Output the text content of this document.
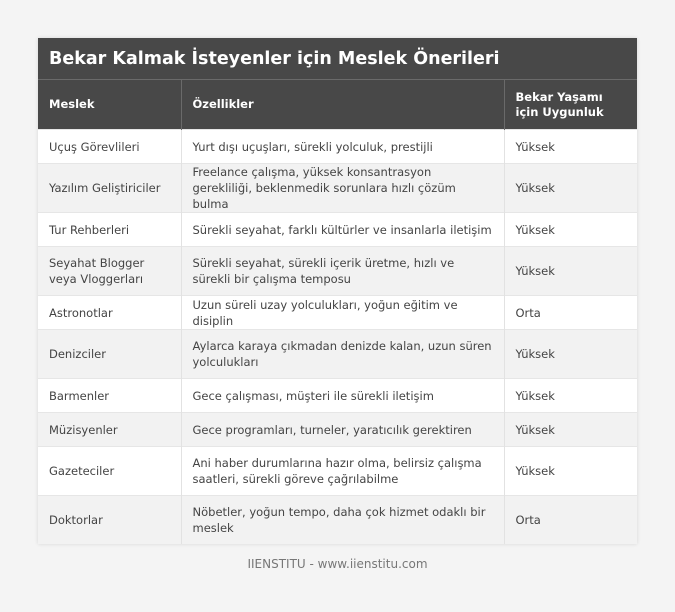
Bekar Kalmak İsteyenler için Meslek Önerileri
Meslek	Özellikler	Bekar Yaşamı için Uygunluk
Uçuş Görevlileri	Yurt dışı uçuşları, sürekli yolculuk, prestijli	Yüksek
Yazılım Geliştiriciler	Freelance çalışma, yüksek konsantrasyon gerekliliği, beklenmedik sorunlara hızlı çözüm bulma	Yüksek
Tur Rehberleri	Sürekli seyahat, farklı kültürler ve insanlarla iletişim	Yüksek
Seyahat Blogger veya Vloggerları	Sürekli seyahat, sürekli içerik üretme, hızlı ve sürekli bir çalışma temposu	Yüksek
Astronotlar	Uzun süreli uzay yolculukları, yoğun eğitim ve disiplin	Orta
Denizciler	Aylarca karaya çıkmadan denizde kalan, uzun süren yolculukları	Yüksek
Barmenler	Gece çalışması, müşteri ile sürekli iletişim	Yüksek
Müzisyenler	Gece programları, turneler, yaratıcılık gerektiren	Yüksek
Gazeteciler	Ani haber durumlarına hazır olma, belirsiz çalışma saatleri, sürekli göreve çağrılabilme	Yüksek
Doktorlar	Nöbetler, yoğun tempo, daha çok hizmet odaklı bir meslek	Orta
IIENSTITU - www.iienstitu.com
